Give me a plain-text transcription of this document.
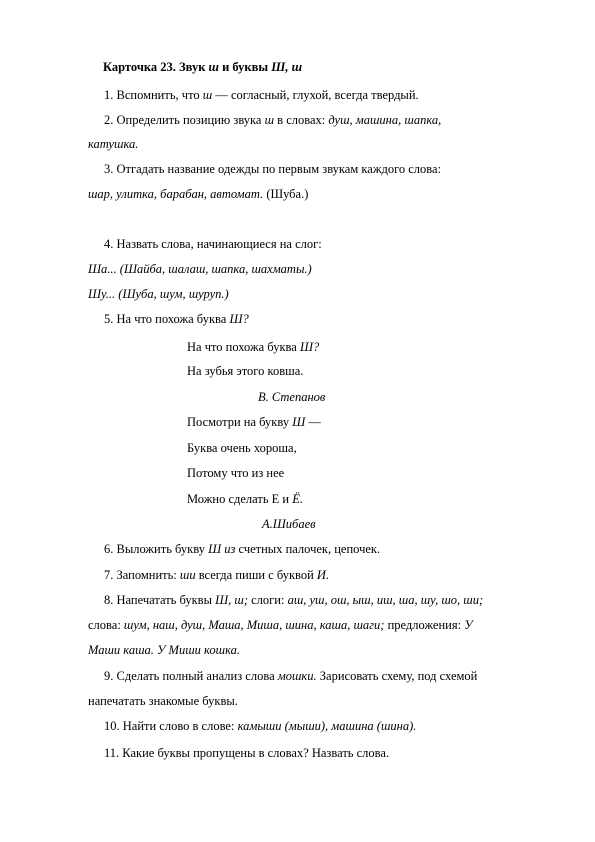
Карточка 23. Звук ш и буквы Ш, ш
1. Вспомнить, что ш — согласный, глухой, всегда твердый.
2. Определить позицию звука ш в словах: душ, машина, шапка,
катушка.
3. Отгадать название одежды по первым звукам каждого слова:
шар, улитка, барабан, автомат. (Шуба.)
4. Назвать слова, начинающиеся на слог:
Ша... (Шайба, шалаш, шапка, шахматы.)
Шу... (Шуба, шум, шуруп.)
5. На что похожа буква Ш?
На что похожа буква Ш?
На зубья этого ковша.
В. Степанов
Посмотри на букву Ш —
Буква очень хороша,
Потому что из нее
Можно сделать Е и Ё.
А.Шибаев
6. Выложить букву Ш из счетных палочек, цепочек.
7. Запомнить: ши всегда пиши с буквой И.
8. Напечатать буквы Ш, ш; слоги: аш, уш, ош, ыш, иш, ша, шу, шо, ши;
слова: шум, наш, душ, Маша, Миша, шина, каша, шаги; предложения: У
Маши каша. У Миши кошка.
9. Сделать полный анализ слова мошки. Зарисовать схему, под схемой
напечатать знакомые буквы.
10. Найти слово в слове: камыши (мыши), машина (шина).
11. Какие буквы пропущены в словах? Назвать слова.
